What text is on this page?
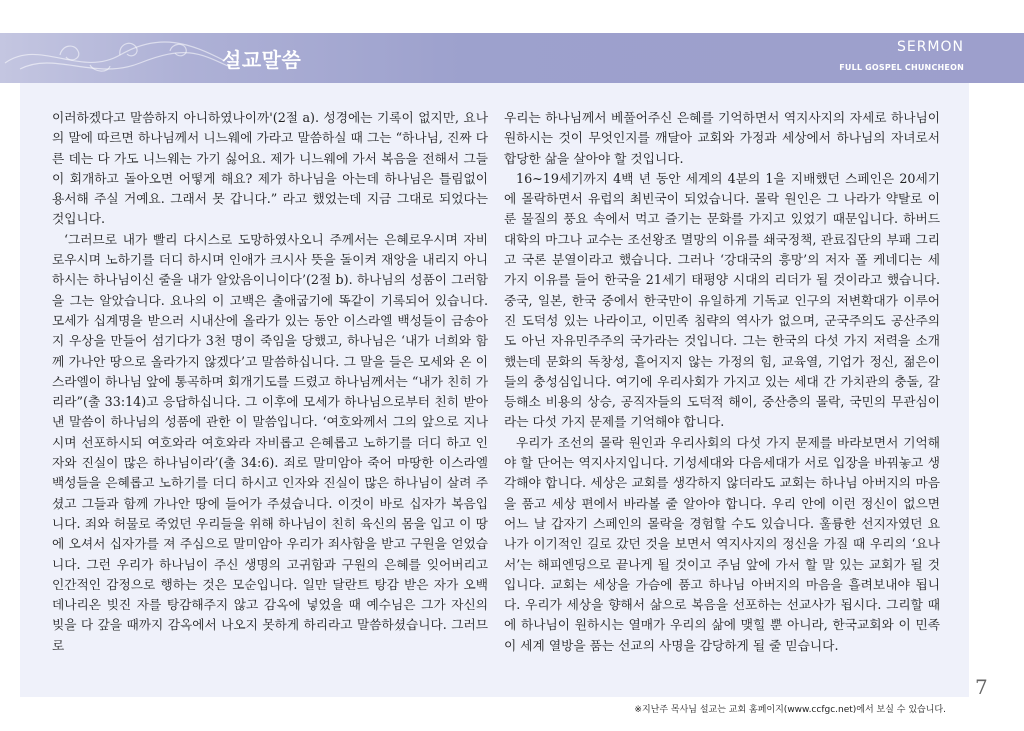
설교말씀
SERMON
FULL GOSPEL CHUNCHEON

이러하겠다고 말씀하지 아니하였나이까'(2절 a). 성경에는 기록이 없지만, 요나의 말에 따르면 하나님께서 니느웨에 가라고 말씀하실 때 그는 “하나님, 진짜 다른 데는 다 가도 니느웨는 가기 싫어요. 제가 니느웨에 가서 복음을 전해서 그들이 회개하고 돌아오면 어떻게 해요? 제가 하나님을 아는데 하나님은 틀림없이 용서해 주실 거예요. 그래서 못 갑니다.” 라고 했었는데 지금 그대로 되었다는 것입니다.

‘그러므로 내가 빨리 다시스로 도망하였사오니 주께서는 은혜로우시며 자비로우시며 노하기를 더디 하시며 인애가 크시사 뜻을 돌이켜 재앙을 내리지 아니하시는 하나님이신 줄을 내가 알았음이니이다’(2절 b). 하나님의 성품이 그러함을 그는 알았습니다. 요나의 이 고백은 출애굽기에 똑같이 기록되어 있습니다. 모세가 십계명을 받으러 시내산에 올라가 있는 동안 이스라엘 백성들이 금송아지 우상을 만들어 섬기다가 3천 명이 죽임을 당했고, 하나님은 ‘내가 너희와 함께 가나안 땅으로 올라가지 않겠다’고 말씀하십니다. 그 말을 들은 모세와 온 이스라엘이 하나님 앞에 통곡하며 회개기도를 드렸고 하나님께서는 “내가 친히 가리라”(출 33:14)고 응답하십니다. 그 이후에 모세가 하나님으로부터 친히 받아낸 말씀이 하나님의 성품에 관한 이 말씀입니다. ‘여호와께서 그의 앞으로 지나시며 선포하시되 여호와라 여호와라 자비롭고 은혜롭고 노하기를 더디 하고 인자와 진실이 많은 하나님이라’(출 34:6). 죄로 말미암아 죽어 마땅한 이스라엘 백성들을 은혜롭고 노하기를 더디 하시고 인자와 진실이 많은 하나님이 살려 주셨고 그들과 함께 가나안 땅에 들어가 주셨습니다. 이것이 바로 십자가 복음입니다. 죄와 허물로 죽었던 우리들을 위해 하나님이 친히 육신의 몸을 입고 이 땅에 오셔서 십자가를 져 주심으로 말미암아 우리가 죄사함을 받고 구원을 얻었습니다. 그런 우리가 하나님이 주신 생명의 고귀함과 구원의 은혜를 잊어버리고 인간적인 감정으로 행하는 것은 모순입니다. 일만 달란트 탕감 받은 자가 오백 데나리온 빚진 자를 탕감해주지 않고 감옥에 넣었을 때 예수님은 그가 자신의 빚을 다 갚을 때까지 감옥에서 나오지 못하게 하리라고 말씀하셨습니다. 그러므로

우리는 하나님께서 베풀어주신 은혜를 기억하면서 역지사지의 자세로 하나님이 원하시는 것이 무엇인지를 깨달아 교회와 가정과 세상에서 하나님의 자녀로서 합당한 삶을 살아야 할 것입니다.

16~19세기까지 4백 년 동안 세계의 4분의 1을 지배했던 스페인은 20세기에 몰락하면서 유럽의 최빈국이 되었습니다. 몰락 원인은 그 나라가 약탈로 이룬 물질의 풍요 속에서 먹고 즐기는 문화를 가지고 있었기 때문입니다. 하버드 대학의 마그나 교수는 조선왕조 멸망의 이유를 쇄국정책, 관료집단의 부패 그리고 국론 분열이라고 했습니다. 그러나 ‘강대국의 흥망’의 저자 폴 케네디는 세 가지 이유를 들어 한국을 21세기 태평양 시대의 리더가 될 것이라고 했습니다. 중국, 일본, 한국 중에서 한국만이 유일하게 기독교 인구의 저변확대가 이루어진 도덕성 있는 나라이고, 이민족 침략의 역사가 없으며, 군국주의도 공산주의도 아닌 자유민주주의 국가라는 것입니다. 그는 한국의 다섯 가지 저력을 소개했는데 문화의 독창성, 흩어지지 않는 가정의 힘, 교육열, 기업가 정신, 젊은이들의 충성심입니다. 여기에 우리사회가 가지고 있는 세대 간 가치관의 충돌, 갈등해소 비용의 상승, 공직자들의 도덕적 해이, 중산층의 몰락, 국민의 무관심이라는 다섯 가지 문제를 기억해야 합니다.

우리가 조선의 몰락 원인과 우리사회의 다섯 가지 문제를 바라보면서 기억해야 할 단어는 역지사지입니다. 기성세대와 다음세대가 서로 입장을 바꿔놓고 생각해야 합니다. 세상은 교회를 생각하지 않더라도 교회는 하나님 아버지의 마음을 품고 세상 편에서 바라볼 줄 알아야 합니다. 우리 안에 이런 정신이 없으면 어느 날 갑자기 스페인의 몰락을 경험할 수도 있습니다. 훌륭한 선지자였던 요나가 이기적인 길로 갔던 것을 보면서 역지사지의 정신을 가질 때 우리의 ‘요나서’는 해피엔딩으로 끝나게 될 것이고 주님 앞에 가서 할 말 있는 교회가 될 것입니다. 교회는 세상을 가슴에 품고 하나님 아버지의 마음을 흘려보내야 됩니다. 우리가 세상을 향해서 삶으로 복음을 선포하는 선교사가 됩시다. 그리할 때에 하나님이 원하시는 열매가 우리의 삶에 맺힐 뿐 아니라, 한국교회와 이 민족이 세계 열방을 품는 선교의 사명을 감당하게 될 줄 믿습니다.

7
※지난주 목사님 설교는 교회 홈페이지(www.ccfgc.net)에서 보실 수 있습니다.
